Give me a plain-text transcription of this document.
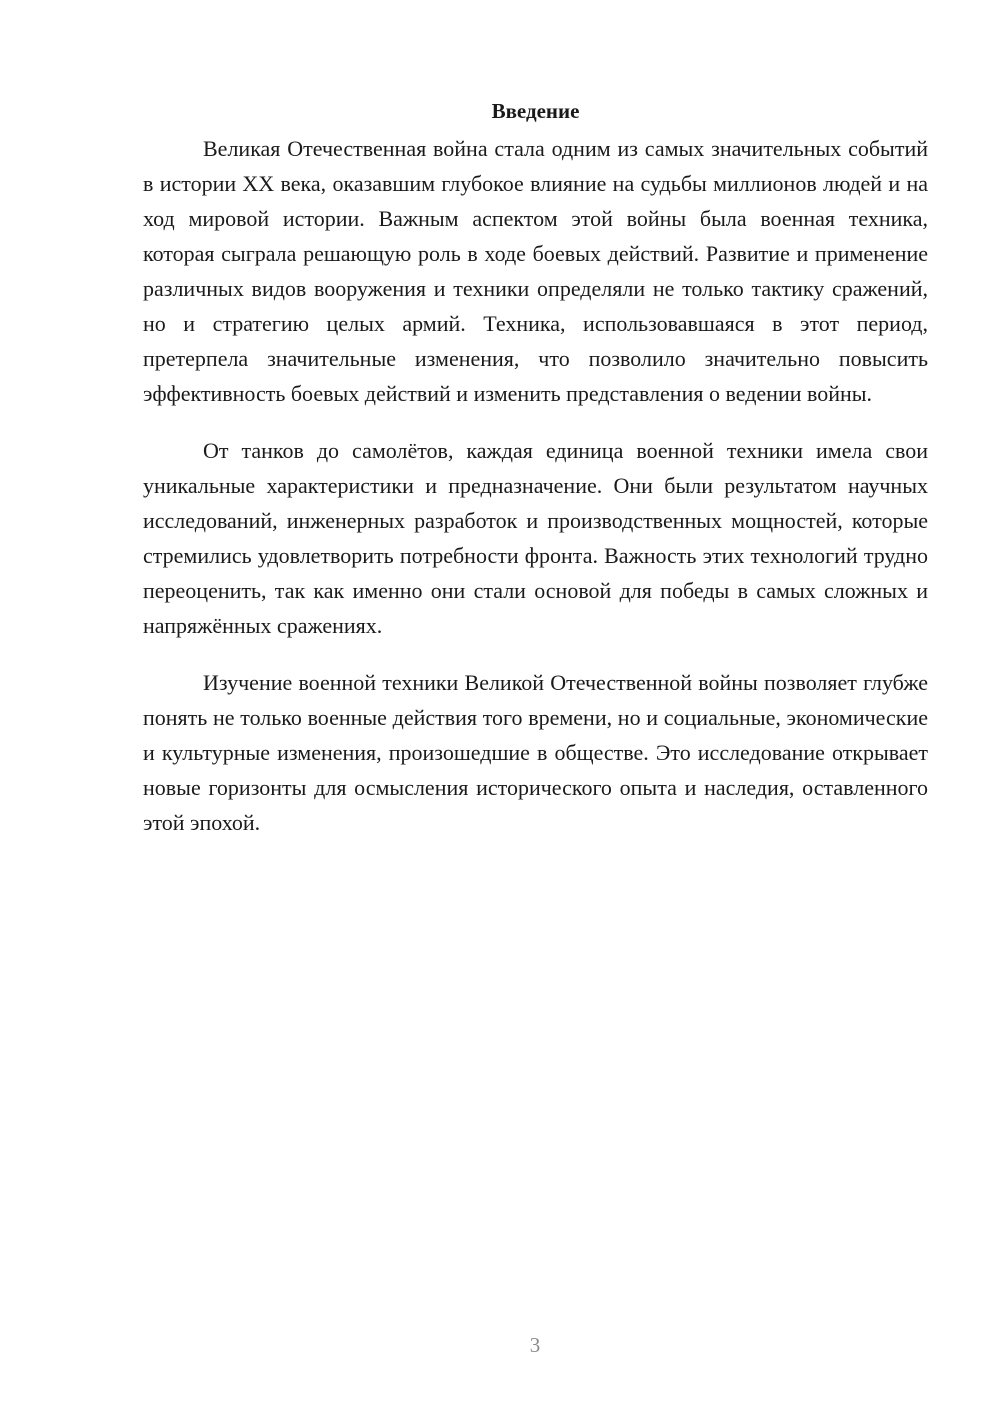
Введение

Великая Отечественная война стала одним из самых значительных событий в истории XX века, оказавшим глубокое влияние на судьбы миллионов людей и на ход мировой истории. Важным аспектом этой войны была военная техника, которая сыграла решающую роль в ходе боевых действий. Развитие и применение различных видов вооружения и техники определяли не только тактику сражений, но и стратегию целых армий. Техника, использовавшаяся в этот период, претерпела значительные изменения, что позволило значительно повысить эффективность боевых действий и изменить представления о ведении войны.

От танков до самолётов, каждая единица военной техники имела свои уникальные характеристики и предназначение. Они были результатом научных исследований, инженерных разработок и производственных мощностей, которые стремились удовлетворить потребности фронта. Важность этих технологий трудно переоценить, так как именно они стали основой для победы в самых сложных и напряжённых сражениях.

Изучение военной техники Великой Отечественной войны позволяет глубже понять не только военные действия того времени, но и социальные, экономические и культурные изменения, произошедшие в обществе. Это исследование открывает новые горизонты для осмысления исторического опыта и наследия, оставленного этой эпохой.

3
